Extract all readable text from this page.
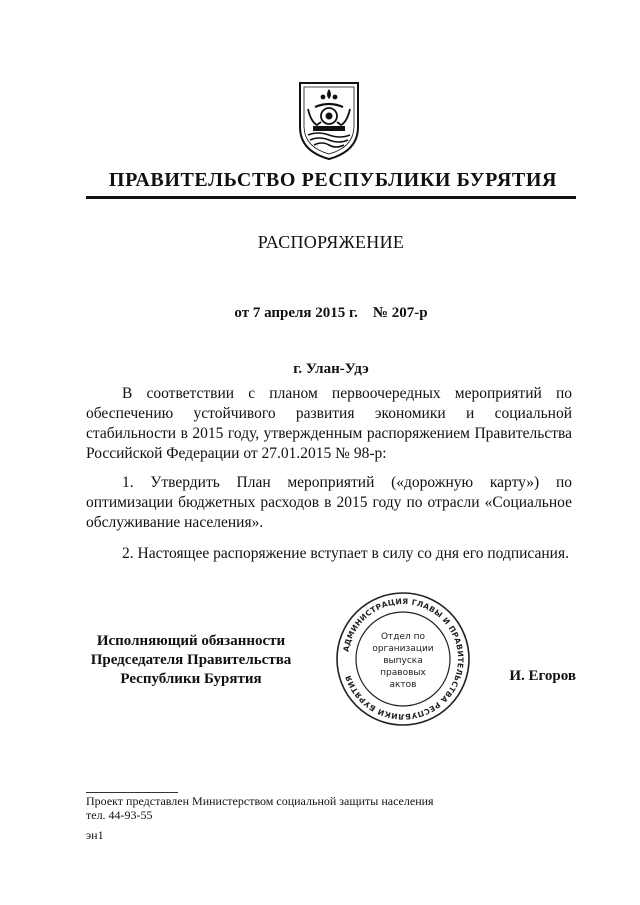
ПРАВИТЕЛЬСТВО РЕСПУБЛИКИ БУРЯТИЯ
РАСПОРЯЖЕНИЕ
от 7 апреля 2015 г. № 207-р
г. Улан-Удэ
В соответствии с планом первоочередных мероприятий по обеспечению устойчивого развития экономики и социальной стабильности в 2015 году, утвержденным распоряжением Правительства Российской Федерации от 27.01.2015 № 98-р:
1. Утвердить План мероприятий («дорожную карту») по оптимизации бюджетных расходов в 2015 году по отрасли «Социальное обслуживание населения».
2. Настоящее распоряжение вступает в силу со дня его подписания.
Исполняющий обязанности
Председателя Правительства
Республики Бурятия
АДМИНИСТРАЦИЯ ГЛАВЫ И ПРАВИТЕЛЬСТВА РЕСПУБЛИКИ БУРЯТИЯ
Отдел по
организации
выпуска
правовых
актов
И. Егоров
Проект представлен Министерством социальной защиты населения
тел. 44-93-55
эн1
